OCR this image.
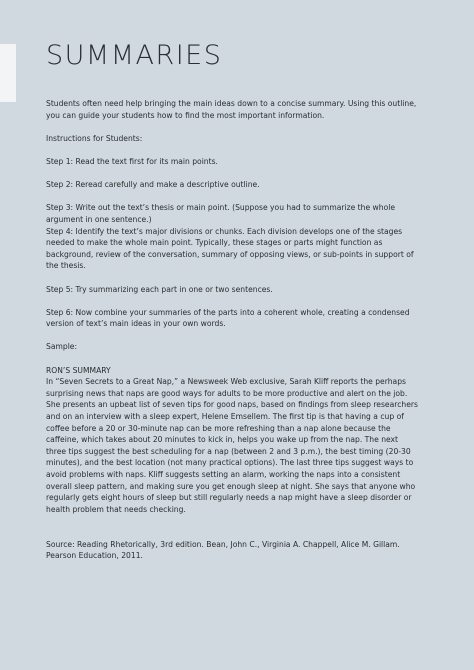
SUMMARIES

Students often need help bringing the main ideas down to a concise summary. Using this outline, you can guide your students how to find the most important information.

Instructions for Students:

Step 1: Read the text first for its main points.

Step 2: Reread carefully and make a descriptive outline.

Step 3: Write out the text’s thesis or main point. (Suppose you had to summarize the whole argument in one sentence.)

Step 4: Identify the text’s major divisions or chunks. Each division develops one of the stages needed to make the whole main point. Typically, these stages or parts might function as background, review of the conversation, summary of opposing views, or sub-points in support of the thesis.

Step 5: Try summarizing each part in one or two sentences.

Step 6: Now combine your summaries of the parts into a coherent whole, creating a condensed version of text’s main ideas in your own words.

Sample:

RON’S SUMMARY

In “Seven Secrets to a Great Nap,” a Newsweek Web exclusive, Sarah Kliff reports the perhaps surprising news that naps are good ways for adults to be more productive and alert on the job. She presents an upbeat list of seven tips for good naps, based on findings from sleep researchers and on an interview with a sleep expert, Helene Emsellem. The first tip is that having a cup of coffee before a 20 or 30-minute nap can be more refreshing than a nap alone because the caffeine, which takes about 20 minutes to kick in, helps you wake up from the nap. The next three tips suggest the best scheduling for a nap (between 2 and 3 p.m.), the best timing (20-30 minutes), and the best location (not many practical options). The last three tips suggest ways to avoid problems with naps. Kliff suggests setting an alarm, working the naps into a consistent overall sleep pattern, and making sure you get enough sleep at night. She says that anyone who regularly gets eight hours of sleep but still regularly needs a nap might have a sleep disorder or health problem that needs checking.

Source: Reading Rhetorically, 3rd edition. Bean, John C., Virginia A. Chappell, Alice M. Gillam. Pearson Education, 2011.
